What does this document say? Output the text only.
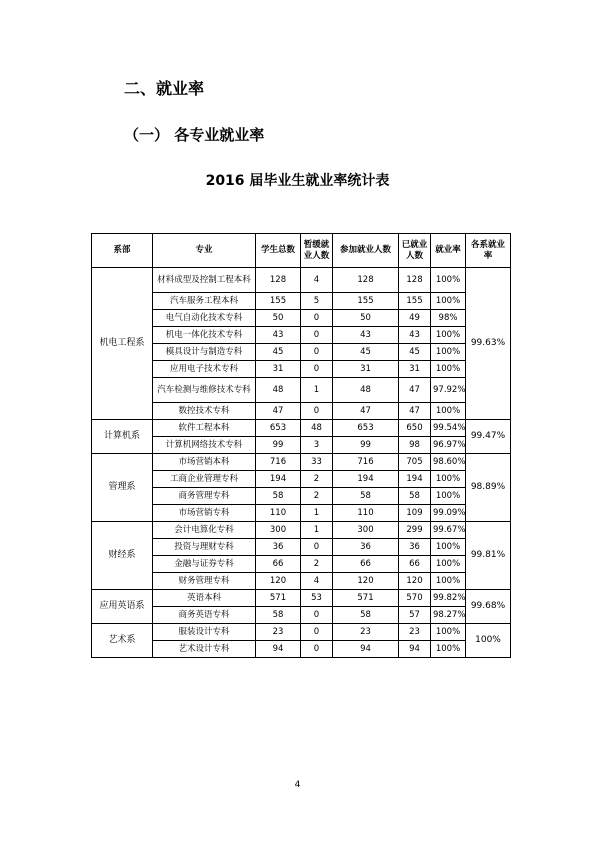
二、就业率
（一） 各专业就业率
2016 届毕业生就业率统计表
系部	专业	学生总数	暂缓就业人数	参加就业人数	已就业人数	就业率	各系就业率
机电工程系	材料成型及控制工程本科	128	4	128	128	100%	99.63%
	汽车服务工程本科	155	5	155	155	100%	
	电气自动化技术专科	50	0	50	49	98%	
	机电一体化技术专科	43	0	43	43	100%	
	模具设计与制造专科	45	0	45	45	100%	
	应用电子技术专科	31	0	31	31	100%	
	汽车检测与维修技术专科	48	1	48	47	97.92%	
	数控技术专科	47	0	47	47	100%	
计算机系	软件工程本科	653	48	653	650	99.54%	99.47%
	计算机网络技术专科	99	3	99	98	96.97%	
管理系	市场营销本科	716	33	716	705	98.60%	98.89%
	工商企业管理专科	194	2	194	194	100%	
	商务管理专科	58	2	58	58	100%	
	市场营销专科	110	1	110	109	99.09%	
财经系	会计电算化专科	300	1	300	299	99.67%	99.81%
	投资与理财专科	36	0	36	36	100%	
	金融与证券专科	66	2	66	66	100%	
	财务管理专科	120	4	120	120	100%	
应用英语系	英语本科	571	53	571	570	99.82%	99.68%
	商务英语专科	58	0	58	57	98.27%	
艺术系	服装设计专科	23	0	23	23	100%	100%
	艺术设计专科	94	0	94	94	100%	
4
